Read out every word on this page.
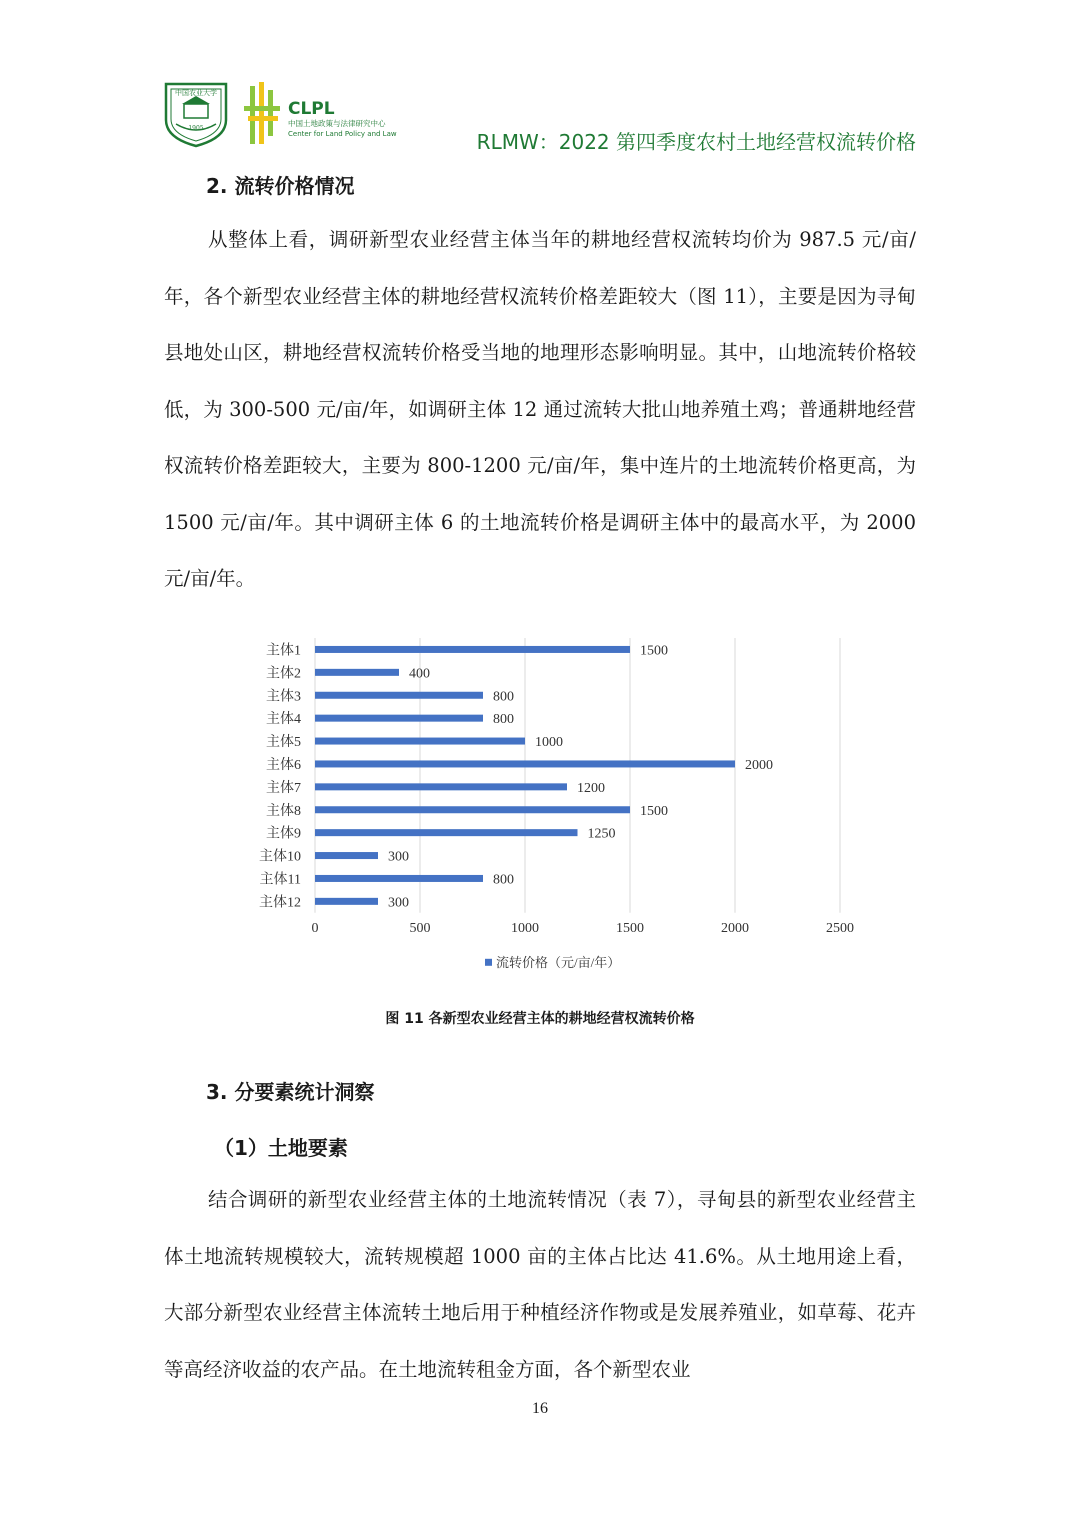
中国农业大学
1905
CLPL
中国土地政策与法律研究中心
Center for Land Policy and Law	RLMW：2022 第四季度农村土地经营权流转价格
2. 流转价格情况

从整体上看，调研新型农业经营主体当年的耕地经营权流转均价为 987.5 元/亩/年，各个新型农业经营主体的耕地经营权流转价格差距较大（图 11），主要是因为寻甸县地处山区，耕地经营权流转价格受当地的地理形态影响明显。其中，山地流转价格较低，为 300-500 元/亩/年，如调研主体 12 通过流转大批山地养殖土鸡；普通耕地经营权流转价格差距较大，主要为 800-1200 元/亩/年，集中连片的土地流转价格更高，为 1500 元/亩/年。其中调研主体 6 的土地流转价格是调研主体中的最高水平，为 2000 元/亩/年。

0	500	1000	1500	2000	2500
主体1	1500
主体2	400
主体3	800
主体4	800
主体5	1000
主体6	2000
主体7	1200
主体8	1500
主体9	1250
主体10	300
主体11	800
主体12	300
流转价格（元/亩/年）
图 11 各新型农业经营主体的耕地经营权流转价格
3. 分要素统计洞察
（1）土地要素

结合调研的新型农业经营主体的土地流转情况（表 7），寻甸县的新型农业经营主体土地流转规模较大，流转规模超 1000 亩的主体占比达 41.6%。从土地用途上看，大部分新型农业经营主体流转土地后用于种植经济作物或是发展养殖业，如草莓、花卉等高经济收益的农产品。在土地流转租金方面，各个新型农业

16
